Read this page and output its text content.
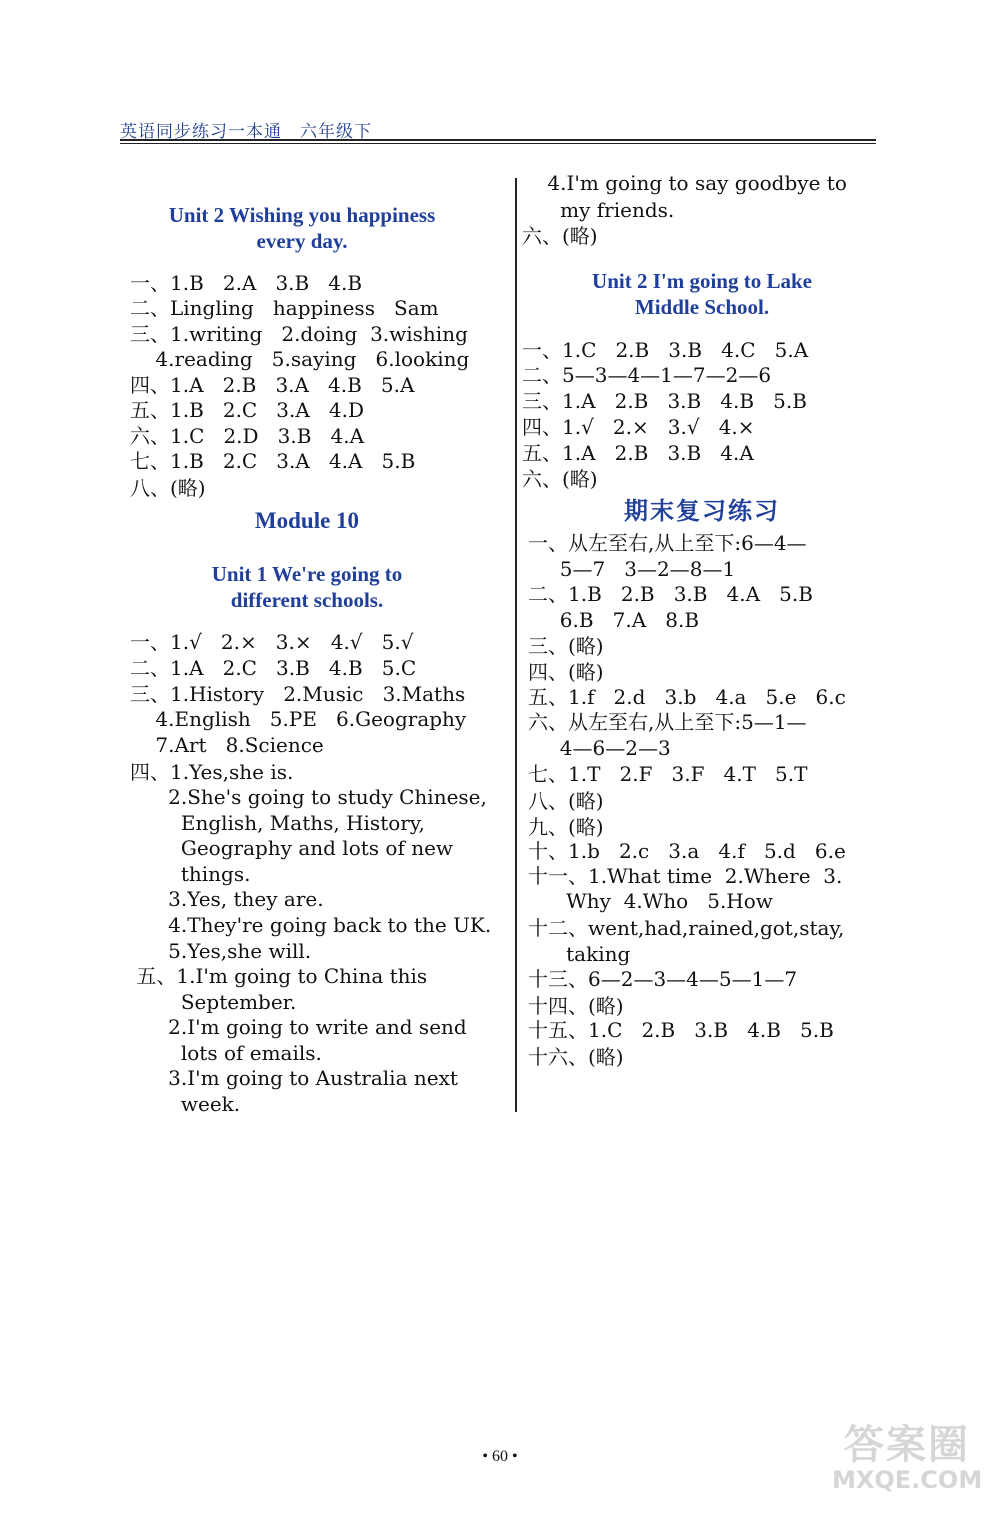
英语同步练习一本通 六年级下
Unit 2 Wishing you happiness
every day.
一、1.B   2.A   3.B   4.B
二、Lingling   happiness   Sam
三、1.writing   2.doing  3.wishing
4.reading   5.saying   6.looking
四、1.A   2.B   3.A   4.B   5.A
五、1.B   2.C   3.A   4.D
六、1.C   2.D   3.B   4.A
七、1.B   2.C   3.A   4.A   5.B
八、(略)
Module 10
Unit 1 We're going to
different schools.
一、1.√   2.×   3.×   4.√   5.√
二、1.A   2.C   3.B   4.B   5.C
三、1.History   2.Music   3.Maths
4.English   5.PE   6.Geography
7.Art   8.Science
四、1.Yes,she is.
2.She's going to study Chinese,
English, Maths, History,
Geography and lots of new
things.
3.Yes, they are.
4.They're going back to the UK.
5.Yes,she will.
五、1.I'm going to China this
September.
2.I'm going to write and send
lots of emails.
3.I'm going to Australia next
week.
4.I'm going to say goodbye to
my friends.
六、(略)
Unit 2 I'm going to Lake
Middle School.
一、1.C   2.B   3.B   4.C   5.A
二、5—3—4—1—7—2—6
三、1.A   2.B   3.B   4.B   5.B
四、1.√   2.×   3.√   4.×
五、1.A   2.B   3.B   4.A
六、(略)
期末复习练习
一、从左至右,从上至下:6—4—
5—7   3—2—8—1
二、1.B   2.B   3.B   4.A   5.B
6.B   7.A   8.B
三、(略)
四、(略)
五、1.f   2.d   3.b   4.a   5.e   6.c
六、从左至右,从上至下:5—1—
4—6—2—3
七、1.T   2.F   3.F   4.T   5.T
八、(略)
九、(略)
十、1.b   2.c   3.a   4.f   5.d   6.e
十一、1.What time  2.Where  3.
Why  4.Who   5.How
十二、went,had,rained,got,stay,
taking
十三、6—2—3—4—5—1—7
十四、(略)
十五、1.C   2.B   3.B   4.B   5.B
十六、(略)
• 60 •	答案圈
MXQE.COM
